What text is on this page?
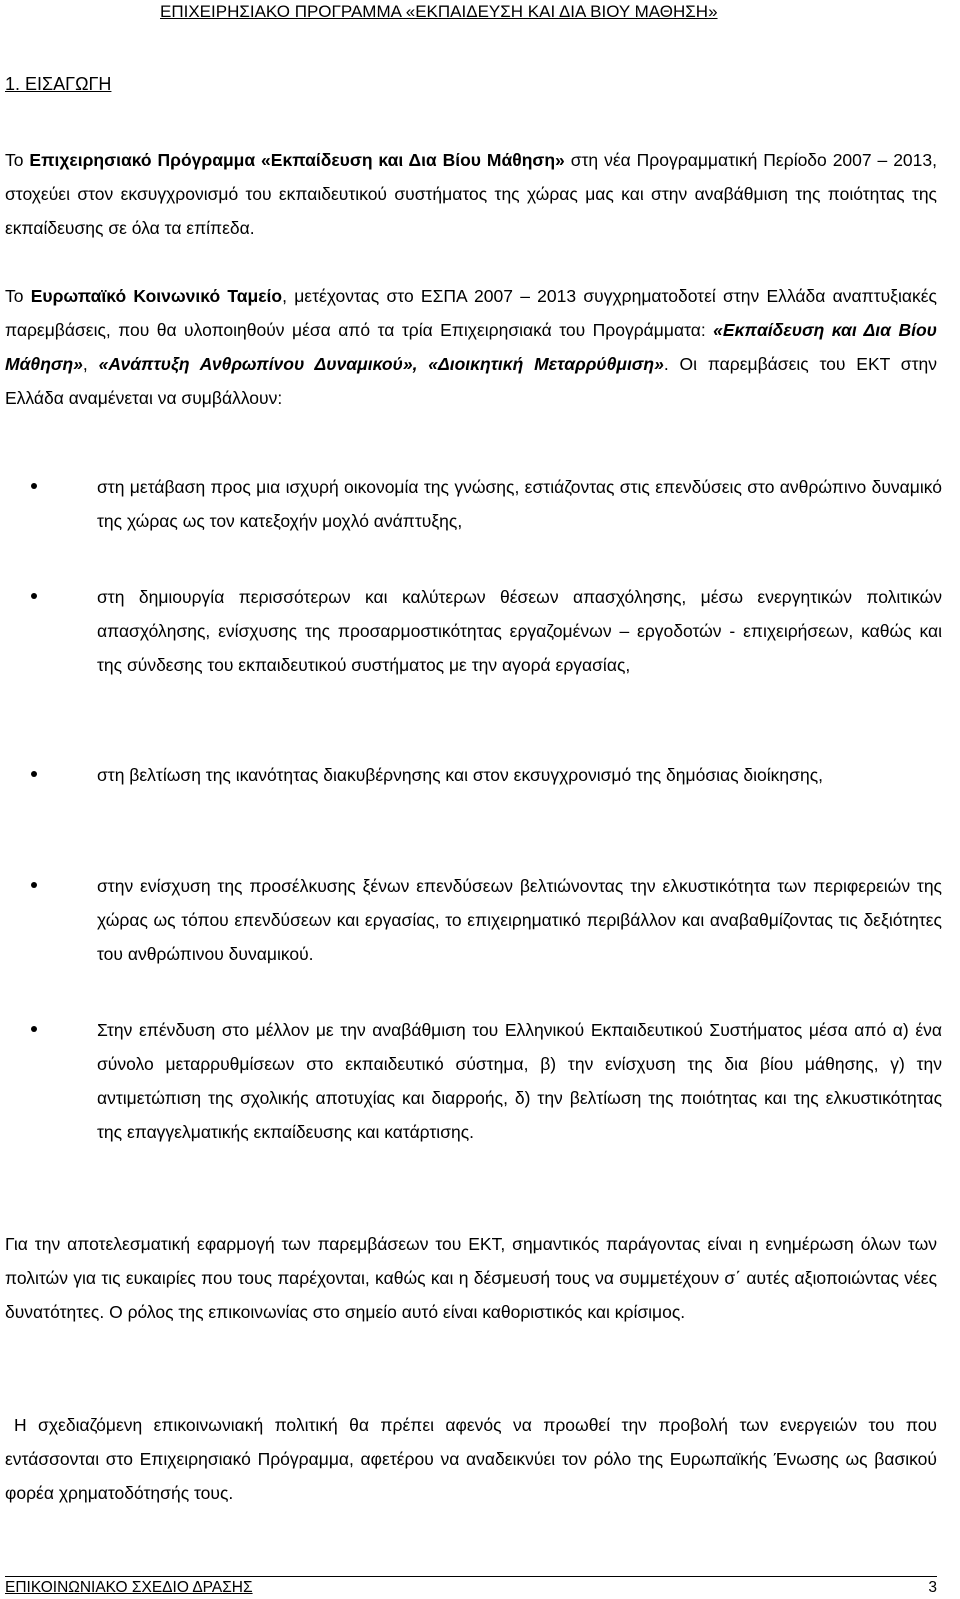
ΕΠΙΧΕΙΡΗΣΙΑΚΟ ΠΡΟΓΡΑΜΜΑ «ΕΚΠΑΙΔΕΥΣΗ ΚΑΙ ΔΙΑ ΒΙΟΥ ΜΑΘΗΣΗ»
1. ΕΙΣΑΓΩΓΗ
Το Επιχειρησιακό Πρόγραμμα «Εκπαίδευση και Δια Βίου Μάθηση» στη νέα Προγραμματική Περίοδο 2007 – 2013, στοχεύει στον εκσυγχρονισμό του εκπαιδευτικού συστήματος της χώρας μας και στην αναβάθμιση της ποιότητας της εκπαίδευσης σε όλα τα επίπεδα.
Το Ευρωπαϊκό Κοινωνικό Ταμείο, μετέχοντας στο ΕΣΠΑ 2007 – 2013 συγχρηματοδοτεί στην Ελλάδα αναπτυξιακές παρεμβάσεις, που θα υλοποιηθούν μέσα από τα τρία Επιχειρησιακά του Προγράμματα: «Εκπαίδευση και Δια Βίου Μάθηση», «Ανάπτυξη Ανθρωπίνου Δυναμικού», «Διοικητική Μεταρρύθμιση». Οι παρεμβάσεις του ΕΚΤ στην Ελλάδα αναμένεται να συμβάλλουν:
στη μετάβαση προς μια ισχυρή οικονομία της γνώσης, εστιάζοντας στις επενδύσεις στο ανθρώπινο δυναμικό της χώρας ως τον κατεξοχήν μοχλό ανάπτυξης,
στη δημιουργία περισσότερων και καλύτερων θέσεων απασχόλησης, μέσω ενεργητικών πολιτικών απασχόλησης, ενίσχυσης της προσαρμοστικότητας εργαζομένων – εργοδοτών - επιχειρήσεων, καθώς και της σύνδεσης του εκπαιδευτικού συστήματος με την αγορά εργασίας,
στη βελτίωση της ικανότητας διακυβέρνησης και στον εκσυγχρονισμό της δημόσιας διοίκησης,
στην ενίσχυση της προσέλκυσης ξένων επενδύσεων βελτιώνοντας την ελκυστικότητα των περιφερειών της χώρας ως τόπου επενδύσεων και εργασίας, το επιχειρηματικό περιβάλλον και αναβαθμίζοντας τις δεξιότητες του ανθρώπινου δυναμικού.
Στην επένδυση στο μέλλον με την αναβάθμιση του Ελληνικού Εκπαιδευτικού Συστήματος μέσα από α) ένα σύνολο μεταρρυθμίσεων στο εκπαιδευτικό σύστημα, β) την ενίσχυση της δια βίου μάθησης, γ) την αντιμετώπιση της σχολικής αποτυχίας και διαρροής, δ) την βελτίωση της ποιότητας και της ελκυστικότητας της επαγγελματικής εκπαίδευσης και κατάρτισης.
Για την αποτελεσματική εφαρμογή των παρεμβάσεων του ΕΚΤ, σημαντικός παράγοντας είναι η ενημέρωση όλων των πολιτών για τις ευκαιρίες που τους παρέχονται, καθώς και η δέσμευσή τους να συμμετέχουν σ΄ αυτές αξιοποιώντας νέες δυνατότητες. Ο ρόλος της επικοινωνίας στο σημείο αυτό είναι καθοριστικός και κρίσιμος.
Η σχεδιαζόμενη επικοινωνιακή πολιτική θα πρέπει αφενός να προωθεί την προβολή των ενεργειών του που εντάσσονται στο Επιχειρησιακό Πρόγραμμα, αφετέρου να αναδεικνύει τον ρόλο της Ευρωπαϊκής Ένωσης ως βασικού φορέα χρηματοδότησής τους.
ΕΠΙΚΟΙΝΩΝΙΑΚΟ ΣΧΕΔΙΟ ΔΡΑΣΗΣ	3
